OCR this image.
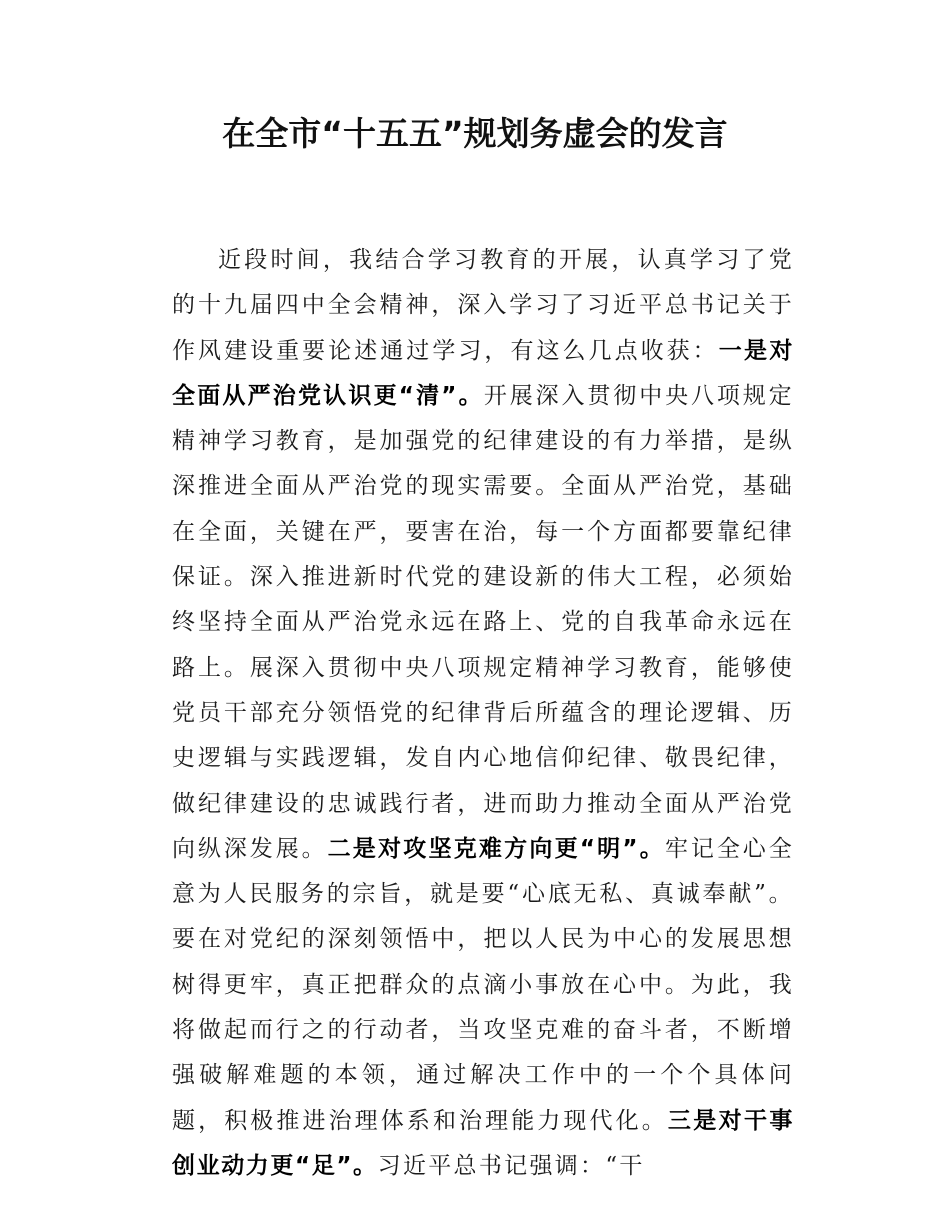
在全市“十五五”规划务虚会的发言

近段时间，我结合学习教育的开展，认真学习了党的十九届四中全会精神，深入学习了习近平总书记关于作风建设重要论述通过学习，有这么几点收获：一是对全面从严治党认识更“清”。开展深入贯彻中央八项规定精神学习教育，是加强党的纪律建设的有力举措，是纵深推进全面从严治党的现实需要。全面从严治党，基础在全面，关键在严，要害在治，每一个方面都要靠纪律保证。深入推进新时代党的建设新的伟大工程，必须始终坚持全面从严治党永远在路上、党的自我革命永远在路上。展深入贯彻中央八项规定精神学习教育，能够使党员干部充分领悟党的纪律背后所蕴含的理论逻辑、历史逻辑与实践逻辑，发自内心地信仰纪律、敬畏纪律，做纪律建设的忠诚践行者，进而助力推动全面从严治党向纵深发展。二是对攻坚克难方向更“明”。牢记全心全意为人民服务的宗旨，就是要“心底无私、真诚奉献”。要在对党纪的深刻领悟中，把以人民为中心的发展思想树得更牢，真正把群众的点滴小事放在心中。为此，我将做起而行之的行动者，当攻坚克难的奋斗者，不断增强破解难题的本领，通过解决工作中的一个个具体问题，积极推进治理体系和治理能力现代化。三是对干事创业动力更“足”。习近平总书记强调：“干
